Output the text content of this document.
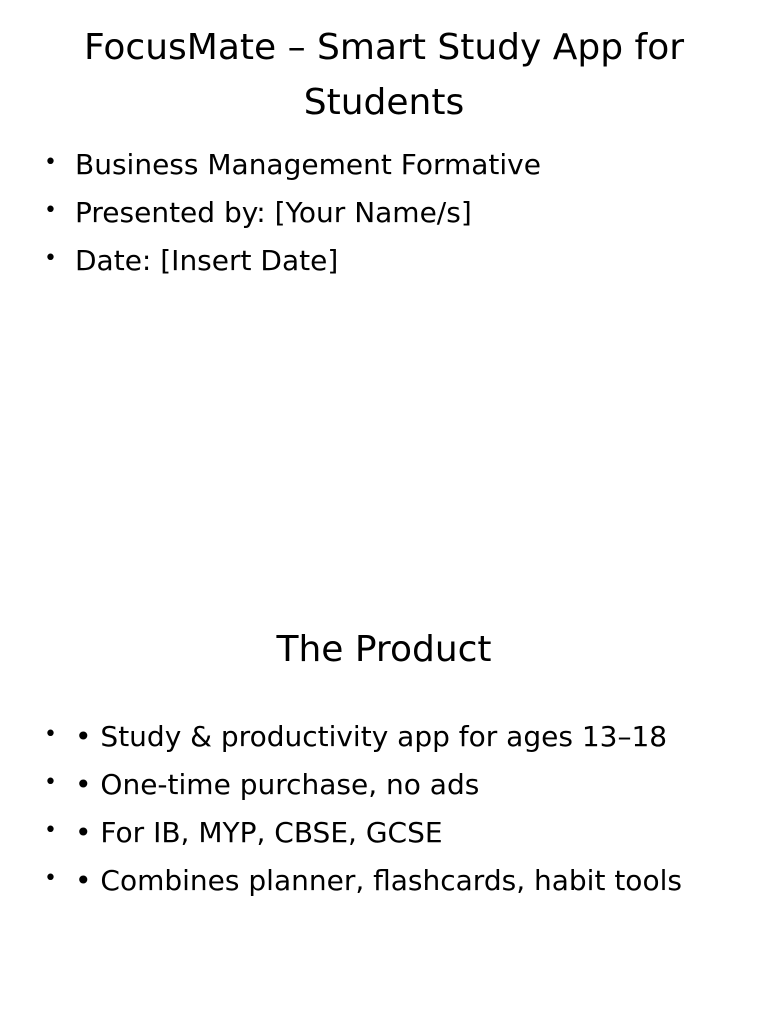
FocusMate – Smart Study App for Students
• Business Management Formative
• Presented by: [Your Name/s]
• Date: [Insert Date]
The Product
• • Study & productivity app for ages 13–18
• • One-time purchase, no ads
• • For IB, MYP, CBSE, GCSE
• • Combines planner, flashcards, habit tools
